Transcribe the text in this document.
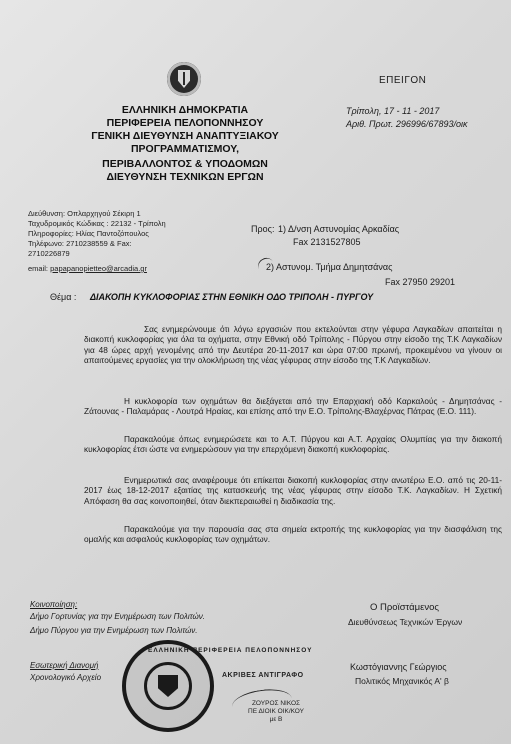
ΕΠΕΙΓΟΝ
Τρίπολη, 17 - 11 - 2017
Αριθ. Πρωτ. 296996/67893/οικ
ΕΛΛΗΝΙΚΗ ΔΗΜΟΚΡΑΤΙΑ
ΠΕΡΙΦΕΡΕΙΑ ΠΕΛΟΠΟΝΝΗΣΟΥ
ΓΕΝΙΚΗ ΔΙΕΥΘΥΝΣΗ ΑΝΑΠΤΥΞΙΑΚΟΥ
ΠΡΟΓΡΑΜΜΑΤΙΣΜΟΥ,
ΠΕΡΙΒΑΛΛΟΝΤΟΣ & ΥΠΟΔΟΜΩΝ
ΔΙΕΥΘΥΝΣΗ ΤΕΧΝΙΚΩΝ ΕΡΓΩΝ
Διεύθυνση: Οπλαρχηγού Σέκιρη 1
Ταχυδρομικός Κώδικας : 22132 - Τρίπολη
Πληροφορίες: Ηλίας Παντοζόπουλος
Τηλέφωνο: 2710238559 & Fax:
2710226879
email: papapanopietteo@arcadia.gr
Προς: 1) Δ/νση Αστυνομίας Αρκαδίας
Fax 2131527805
2) Αστυνομ. Τμήμα Δημητσάνας
Fax 27950 29201
Θέμα : ΔΙΑΚΟΠΗ ΚΥΚΛΟΦΟΡΙΑΣ ΣΤΗΝ ΕΘΝΙΚΗ ΟΔΟ ΤΡΙΠΟΛΗ - ΠΥΡΓΟΥ
Σας ενημερώνουμε ότι λόγω εργασιών που εκτελούνται στην γέφυρα Λαγκαδίων απαιτείται η διακοπή κυκλοφορίας για όλα τα οχήματα, στην Εθνική οδό Τρίπολης - Πύργου στην είσοδο της Τ.Κ Λαγκαδίων για 48 ώρες αρχή γενομένης από την Δευτέρα 20-11-2017 και ώρα 07:00 πρωινή, προκειμένου να γίνουν οι απαιτούμενες εργασίες για την ολοκλήρωση της νέας γέφυρας στην είσοδο της Τ.Κ Λαγκαδίων.
Η κυκλοφορία των οχημάτων θα διεξάγεται από την Επαρχιακή οδό Καρκαλούς - Δημητσάνας - Ζάτουνας - Παλαμάρας - Λουτρά Ηραίας, και επίσης από την Ε.Ο. Τρίπολης-Βλαχέρνας Πάτρας (Ε.Ο. 111).
Παρακαλούμε όπως ενημερώσετε και το Α.Τ. Πύργου και Α.Τ. Αρχαίας Ολυμπίας για την διακοπή κυκλοφορίας έτσι ώστε να ενημερώσουν για την επερχόμενη διακοπή κυκλοφορίας.
Ενημερωτικά σας αναφέρουμε ότι επίκειται διακοπή κυκλοφορίας στην ανωτέρω Ε.Ο. από τις 20-11-2017 έως 18-12-2017 εξαιτίας της κατασκευής της νέας γέφυρας στην είσοδο Τ.Κ. Λαγκαδίων. Η Σχετική Απόφαση θα σας κοινοποιηθεί, όταν διεκπεραιωθεί η διαδικασία της.
Παρακαλούμε για την παρουσία σας στα σημεία εκτροπής της κυκλοφορίας για την διασφάλιση της ομαλής και ασφαλούς κυκλοφορίας των οχημάτων.
Κοινοποίηση:
Δήμο Γορτυνίας για την Ενημέρωση των Πολιτών.
Δήμο Πύργου για την Ενημέρωση των Πολιτών.
Εσωτερική Διανομή
Χρονολογικό Αρχείο
Ο Προϊστάμενος
Διευθύνσεως Τεχνικών Έργων
Κωστόγιαννης Γεώργιος
Πολιτικός Μηχανικός Α' β
ΑΚΡΙΒΕΣ ΑΝΤΙΓΡΑΦΟ
ΖΟΥΡΟΣ ΝΙΚΟΣ
ΠΕ ΔΙΟΙΚ ΟΙΚ/ΚΟΥ
με Β
ΕΛΛΗΝΙΚΗ ΠΕΡΙΦΕΡΕΙΑ ΠΕΛΟΠΟΝΝΗΣΟΥ
